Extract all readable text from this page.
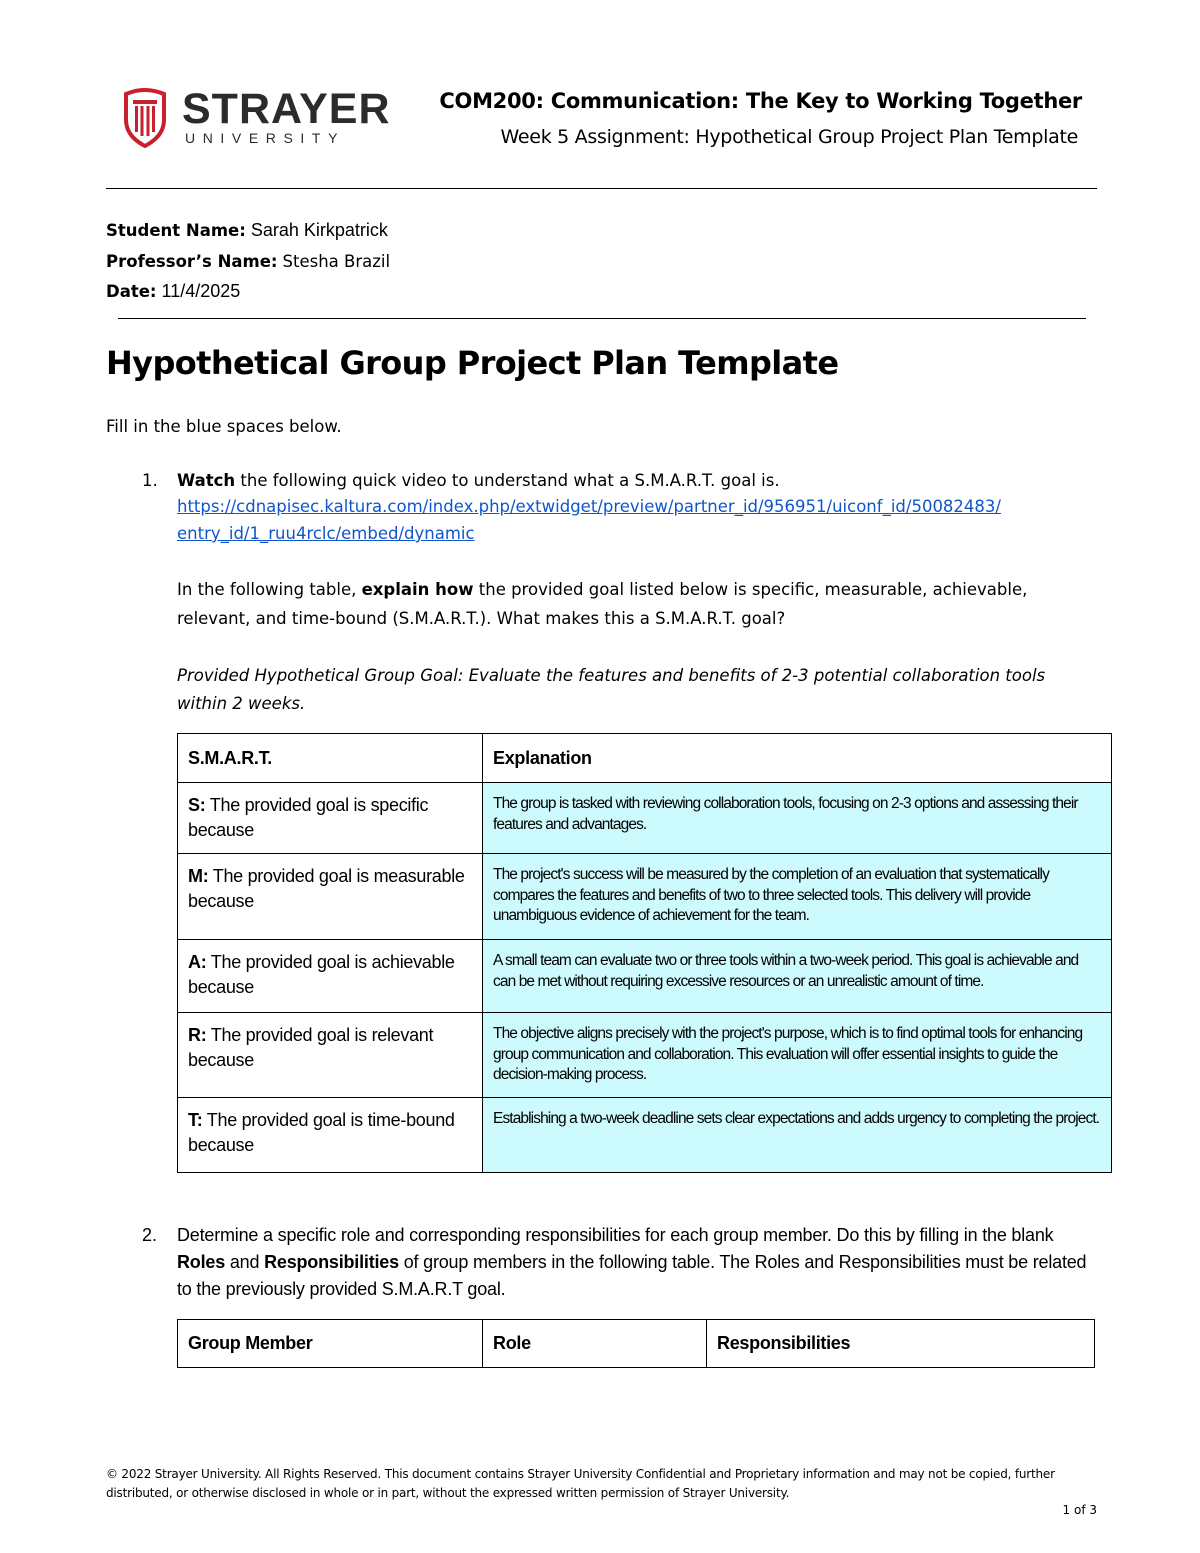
STRAYER
UNIVERSITY
COM200: Communication: The Key to Working Together
Week 5 Assignment: Hypothetical Group Project Plan Template
Student Name: Sarah Kirkpatrick
Professor’s Name: Stesha Brazil
Date: 11/4/2025
Hypothetical Group Project Plan Template
Fill in the blue spaces below.
1. Watch the following quick video to understand what a S.M.A.R.T. goal is.
https://cdnapisec.kaltura.com/index.php/extwidget/preview/partner_id/956951/uiconf_id/50082483/
entry_id/1_ruu4rclc/embed/dynamic
In the following table, explain how the provided goal listed below is specific, measurable, achievable,
relevant, and time-bound (S.M.A.R.T.). What makes this a S.M.A.R.T. goal?
Provided Hypothetical Group Goal: Evaluate the features and benefits of 2-3 potential collaboration tools
within 2 weeks.
S.M.A.R.T.	Explanation
S: The provided goal is specific because	The group is tasked with reviewing collaboration tools, focusing on 2-3 options and assessing their features and advantages.
M: The provided goal is measurable because	The project's success will be measured by the completion of an evaluation that systematically compares the features and benefits of two to three selected tools. This delivery will provide unambiguous evidence of achievement for the team.
A: The provided goal is achievable because	A small team can evaluate two or three tools within a two-week period. This goal is achievable and can be met without requiring excessive resources or an unrealistic amount of time.
R: The provided goal is relevant because	The objective aligns precisely with the project's purpose, which is to find optimal tools for enhancing group communication and collaboration. This evaluation will offer essential insights to guide the decision-making process.
T: The provided goal is time-bound because	Establishing a two-week deadline sets clear expectations and adds urgency to completing the project.
2. Determine a specific role and corresponding responsibilities for each group member. Do this by filling in the blank Roles and Responsibilities of group members in the following table. The Roles and Responsibilities must be related to the previously provided S.M.A.R.T goal.
Group Member	Role	Responsibilities
© 2022 Strayer University. All Rights Reserved. This document contains Strayer University Confidential and Proprietary information and may not be copied, further distributed, or otherwise disclosed in whole or in part, without the expressed written permission of Strayer University.
1 of 3
